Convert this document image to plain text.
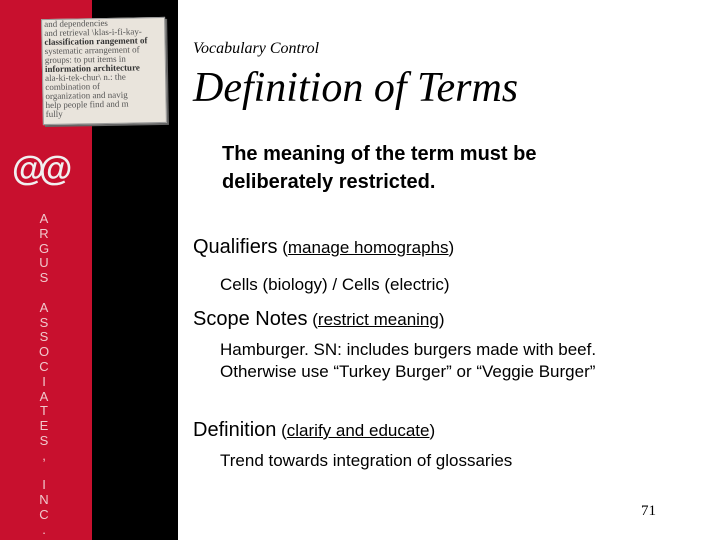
and dependencies
and retrieval \klas-i-fi-kay-
classification rangement of
systematic arrangement of
groups: to put items in
information architecture
ala-ki-tek-chur\ n.: the
combination of
organization and navig
help people find and m
fully
@@
A
R
G
U
S

A
S
S
O
C
I
A
T
E
S
,

I
N
C
.
Vocabulary Control
Definition of Terms
The meaning of the term must be deliberately restricted.
Qualifiers (manage homographs)
Cells (biology) / Cells (electric)
Scope Notes (restrict meaning)
Hamburger. SN: includes burgers made with beef. Otherwise use “Turkey Burger” or “Veggie Burger”
Definition (clarify and educate)
Trend towards integration of glossaries
71
